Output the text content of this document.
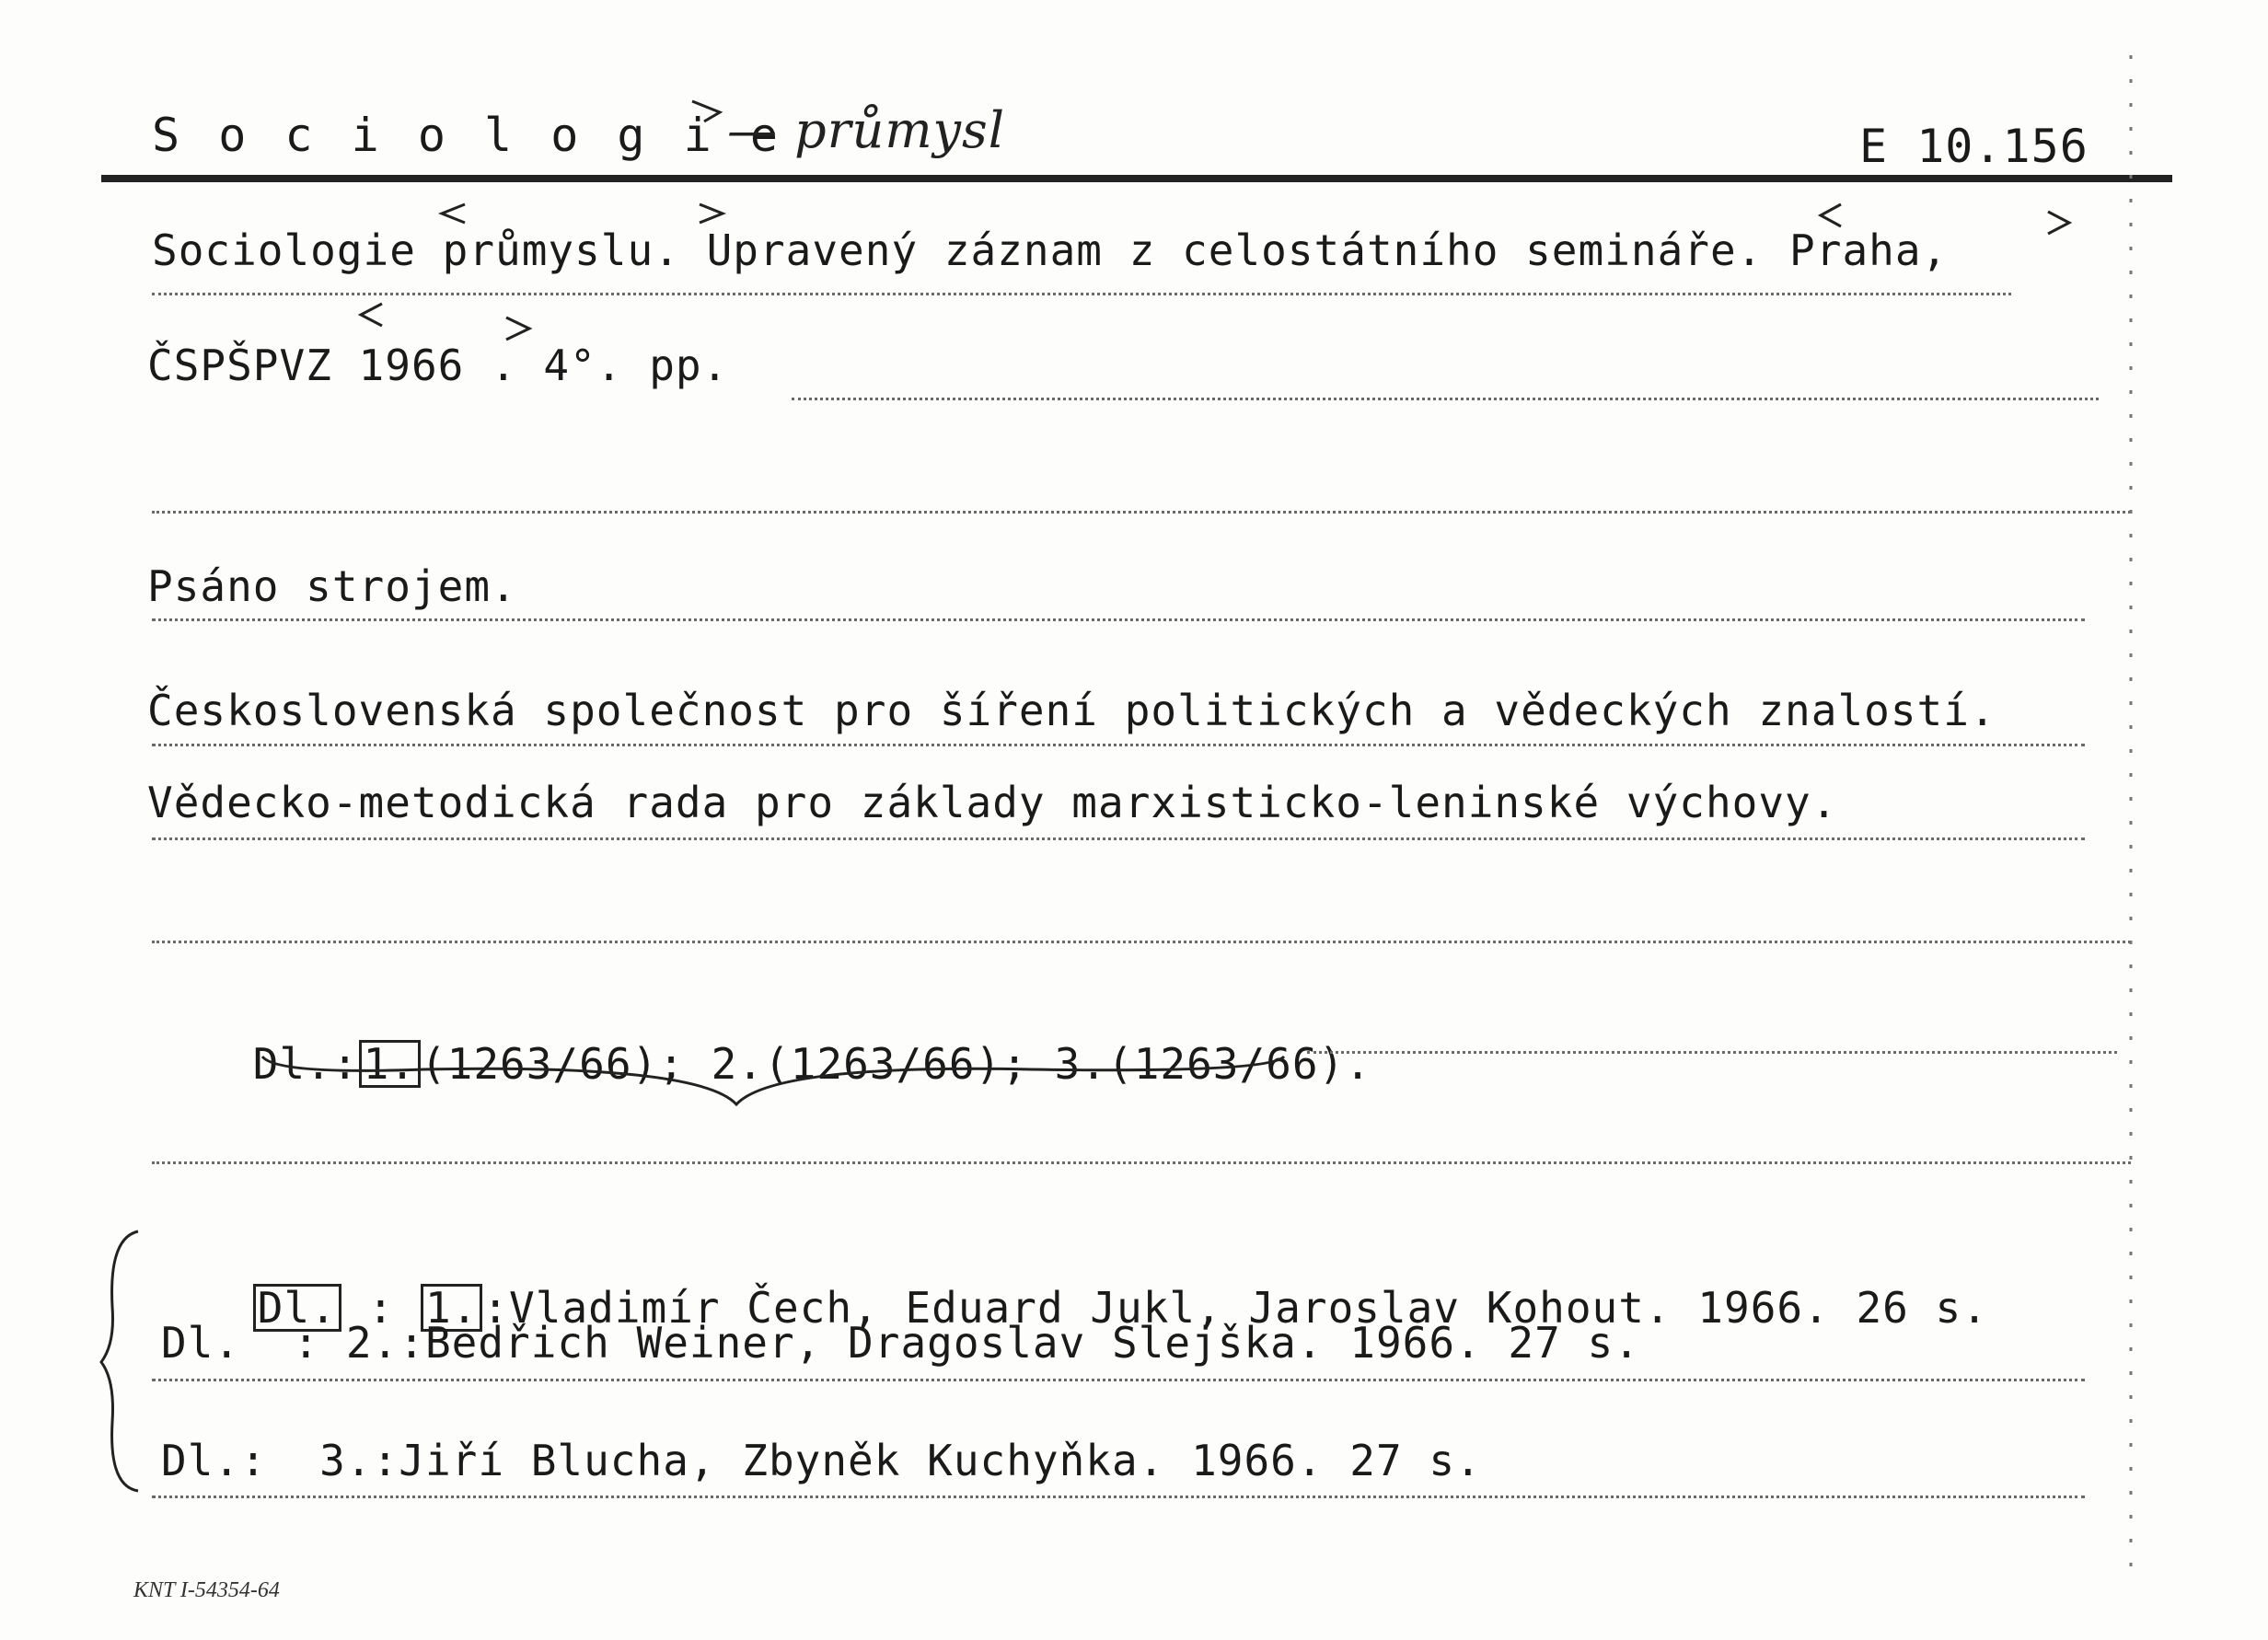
S o c i o l o g i e
— průmysl	E 10.156
Sociologie průmyslu. Upravený záznam z celostátního semináře. Praha,
ČSPŠPVZ 1966 . 4°. pp.
Psáno strojem.
Československá společnost pro šíření politických a vědeckých znalostí.
Vědecko-metodická rada pro základy marxisticko-leninské výchovy.

Dl.: 1. (1263/66); 2.(1263/66); 3.(1263/66).

Dl. : 1. :Vladimír Čech, Eduard Jukl, Jaroslav Kohout. 1966. 26 s.

Dl.  : 2.:Bedřich Weiner, Dragoslav Slejška. 1966. 27 s.
Dl.:  3.:Jiří Blucha, Zbyněk Kuchyňka. 1966. 27 s.
KNT I-54354-64
